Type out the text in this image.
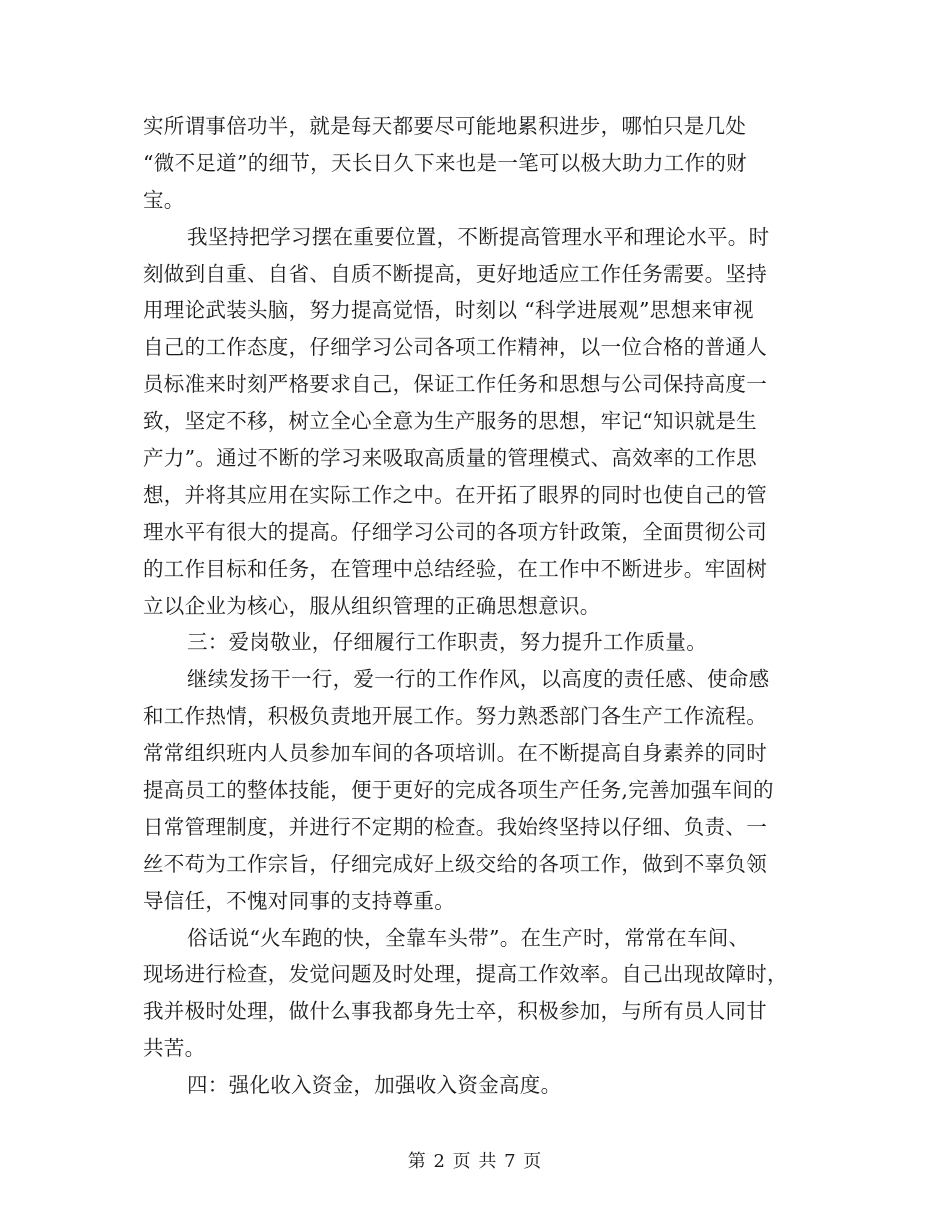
实所谓事倍功半，就是每天都要尽可能地累积进步，哪怕只是几处
“微不足道”的细节，天长日久下来也是一笔可以极大助力工作的财
宝。
我坚持把学习摆在重要位置，不断提高管理水平和理论水平。时
刻做到自重、自省、自质不断提高，更好地适应工作任务需要。坚持
用理论武装头脑，努力提高觉悟，时刻以 “科学进展观”思想来审视
自己的工作态度，仔细学习公司各项工作精神，以一位合格的普通人
员标准来时刻严格要求自己，保证工作任务和思想与公司保持高度一
致，坚定不移，树立全心全意为生产服务的思想，牢记“知识就是生
产力”。通过不断的学习来吸取高质量的管理模式、高效率的工作思
想，并将其应用在实际工作之中。在开拓了眼界的同时也使自己的管
理水平有很大的提高。仔细学习公司的各项方针政策，全面贯彻公司
的工作目标和任务，在管理中总结经验，在工作中不断进步。牢固树
立以企业为核心，服从组织管理的正确思想意识。
三：爱岗敬业，仔细履行工作职责，努力提升工作质量。
继续发扬干一行，爱一行的工作作风，以高度的责任感、使命感
和工作热情，积极负责地开展工作。努力熟悉部门各生产工作流程。
常常组织班内人员参加车间的各项培训。在不断提高自身素养的同时
提高员工的整体技能，便于更好的完成各项生产任务,完善加强车间的
日常管理制度，并进行不定期的检查。我始终坚持以仔细、负责、一
丝不苟为工作宗旨，仔细完成好上级交给的各项工作，做到不辜负领
导信任，不愧对同事的支持尊重。
俗话说“火车跑的快，全靠车头带”。在生产时，常常在车间、
现场进行检查，发觉问题及时处理，提高工作效率。自己出现故障时，
我并极时处理，做什么事我都身先士卒，积极参加，与所有员人同甘
共苦。
四：强化收入资金，加强收入资金高度。
第 2 页 共 7 页
